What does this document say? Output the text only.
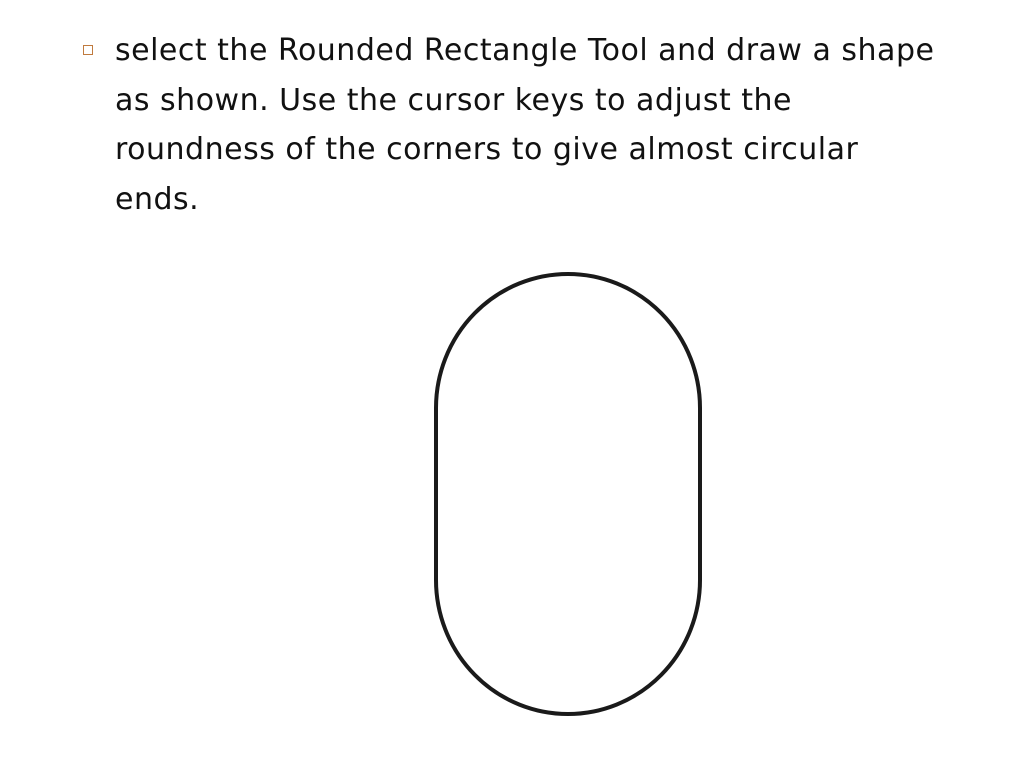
select the Rounded Rectangle Tool and draw a shape as shown. Use the cursor keys to adjust the roundness of the corners to give almost circular ends.
